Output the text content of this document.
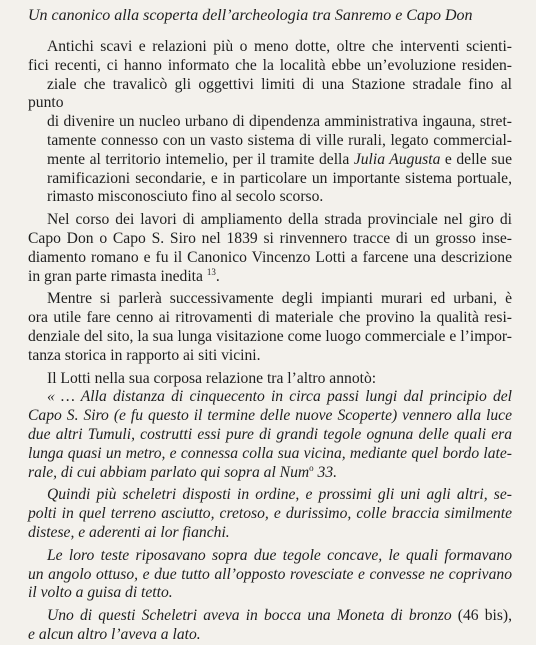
Un canonico alla scoperta dell’archeologia tra Sanremo e Capo Don

Antichi scavi e relazioni più o meno dotte, oltre che interventi scienti-
fici recenti, ci hanno informato che la località ebbe un’evoluzione residen-
ziale che travalicò gli oggettivi limiti di una Stazione stradale fino al punto
di divenire un nucleo urbano di dipendenza amministrativa ingauna, stret-
tamente connesso con un vasto sistema di ville rurali, legato commercial-
mente al territorio intemelio, per il tramite della Julia Augusta e delle sue
ramificazioni secondarie, e in particolare un importante sistema portuale,
rimasto misconosciuto fino al secolo scorso.

Nel corso dei lavori di ampliamento della strada provinciale nel giro di
Capo Don o Capo S. Siro nel 1839 si rinvennero tracce di un grosso inse-
diamento romano e fu il Canonico Vincenzo Lotti a farcene una descrizione
in gran parte rimasta inedita $^{13}$.

Mentre si parlerà successivamente degli impianti murari ed urbani, è
ora utile fare cenno ai ritrovamenti di materiale che provino la qualità resi-
denziale del sito, la sua lunga visitazione come luogo commerciale e l’impor-
tanza storica in rapporto ai siti vicini.

Il Lotti nella sua corposa relazione tra l’altro annotò:

« … Alla distanza di cinquecento in circa passi lungi dal principio del
Capo S. Siro (e fu questo il termine delle nuove Scoperte) vennero alla luce
due altri Tumuli, costrutti essi pure di grandi tegole ognuna delle quali era
lunga quasi un metro, e connessa colla sua vicina, mediante quel bordo late-
rale, di cui abbiam parlato qui sopra al Num$^o$ 33.

Quindi più scheletri disposti in ordine, e prossimi gli uni agli altri, se-
polti in quel terreno asciutto, cretoso, e durissimo, colle braccia similmente
distese, e aderenti ai lor fianchi.

Le loro teste riposavano sopra due tegole concave, le quali formavano
un angolo ottuso, e due tutto all’opposto rovesciate e convesse ne coprivano
il volto a guisa di tetto.

Uno di questi Scheletri aveva in bocca una Moneta di bronzo (46 bis),
e alcun altro l’aveva a lato.
